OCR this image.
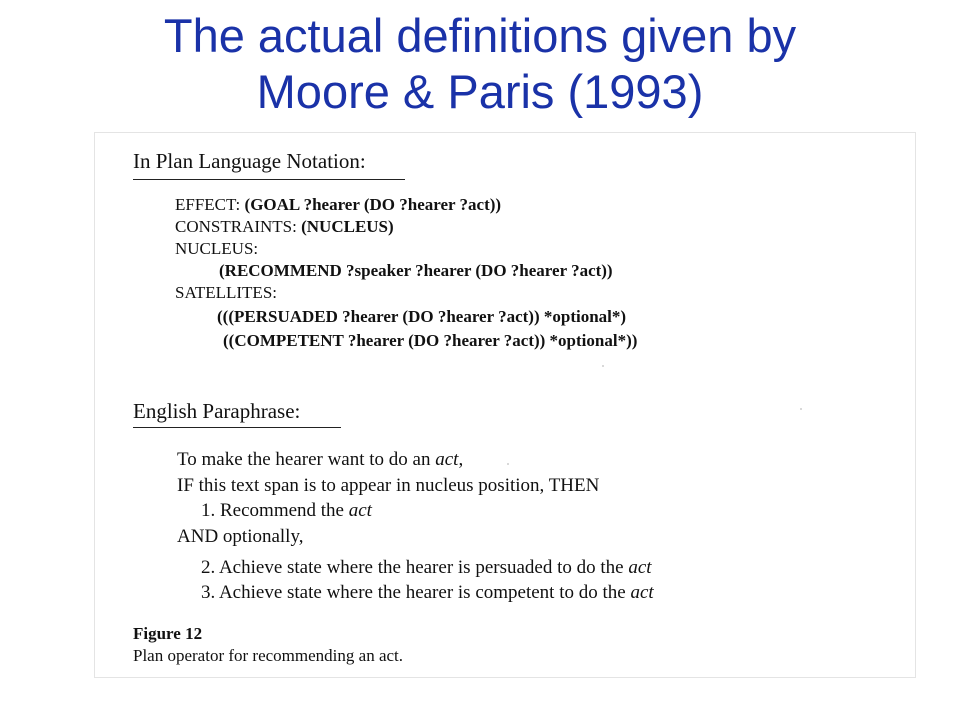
The actual definitions given by
Moore & Paris (1993)
In Plan Language Notation:
EFFECT: (GOAL ?hearer (DO ?hearer ?act))
CONSTRAINTS: (NUCLEUS)
NUCLEUS:
(RECOMMEND ?speaker ?hearer (DO ?hearer ?act))
SATELLITES:
(((PERSUADED ?hearer (DO ?hearer ?act)) *optional*)
((COMPETENT ?hearer (DO ?hearer ?act)) *optional*))
English Paraphrase:
To make the hearer want to do an act,
IF this text span is to appear in nucleus position, THEN
1. Recommend the act
AND optionally,
2. Achieve state where the hearer is persuaded to do the act
3. Achieve state where the hearer is competent to do the act
Figure 12
Plan operator for recommending an act.
